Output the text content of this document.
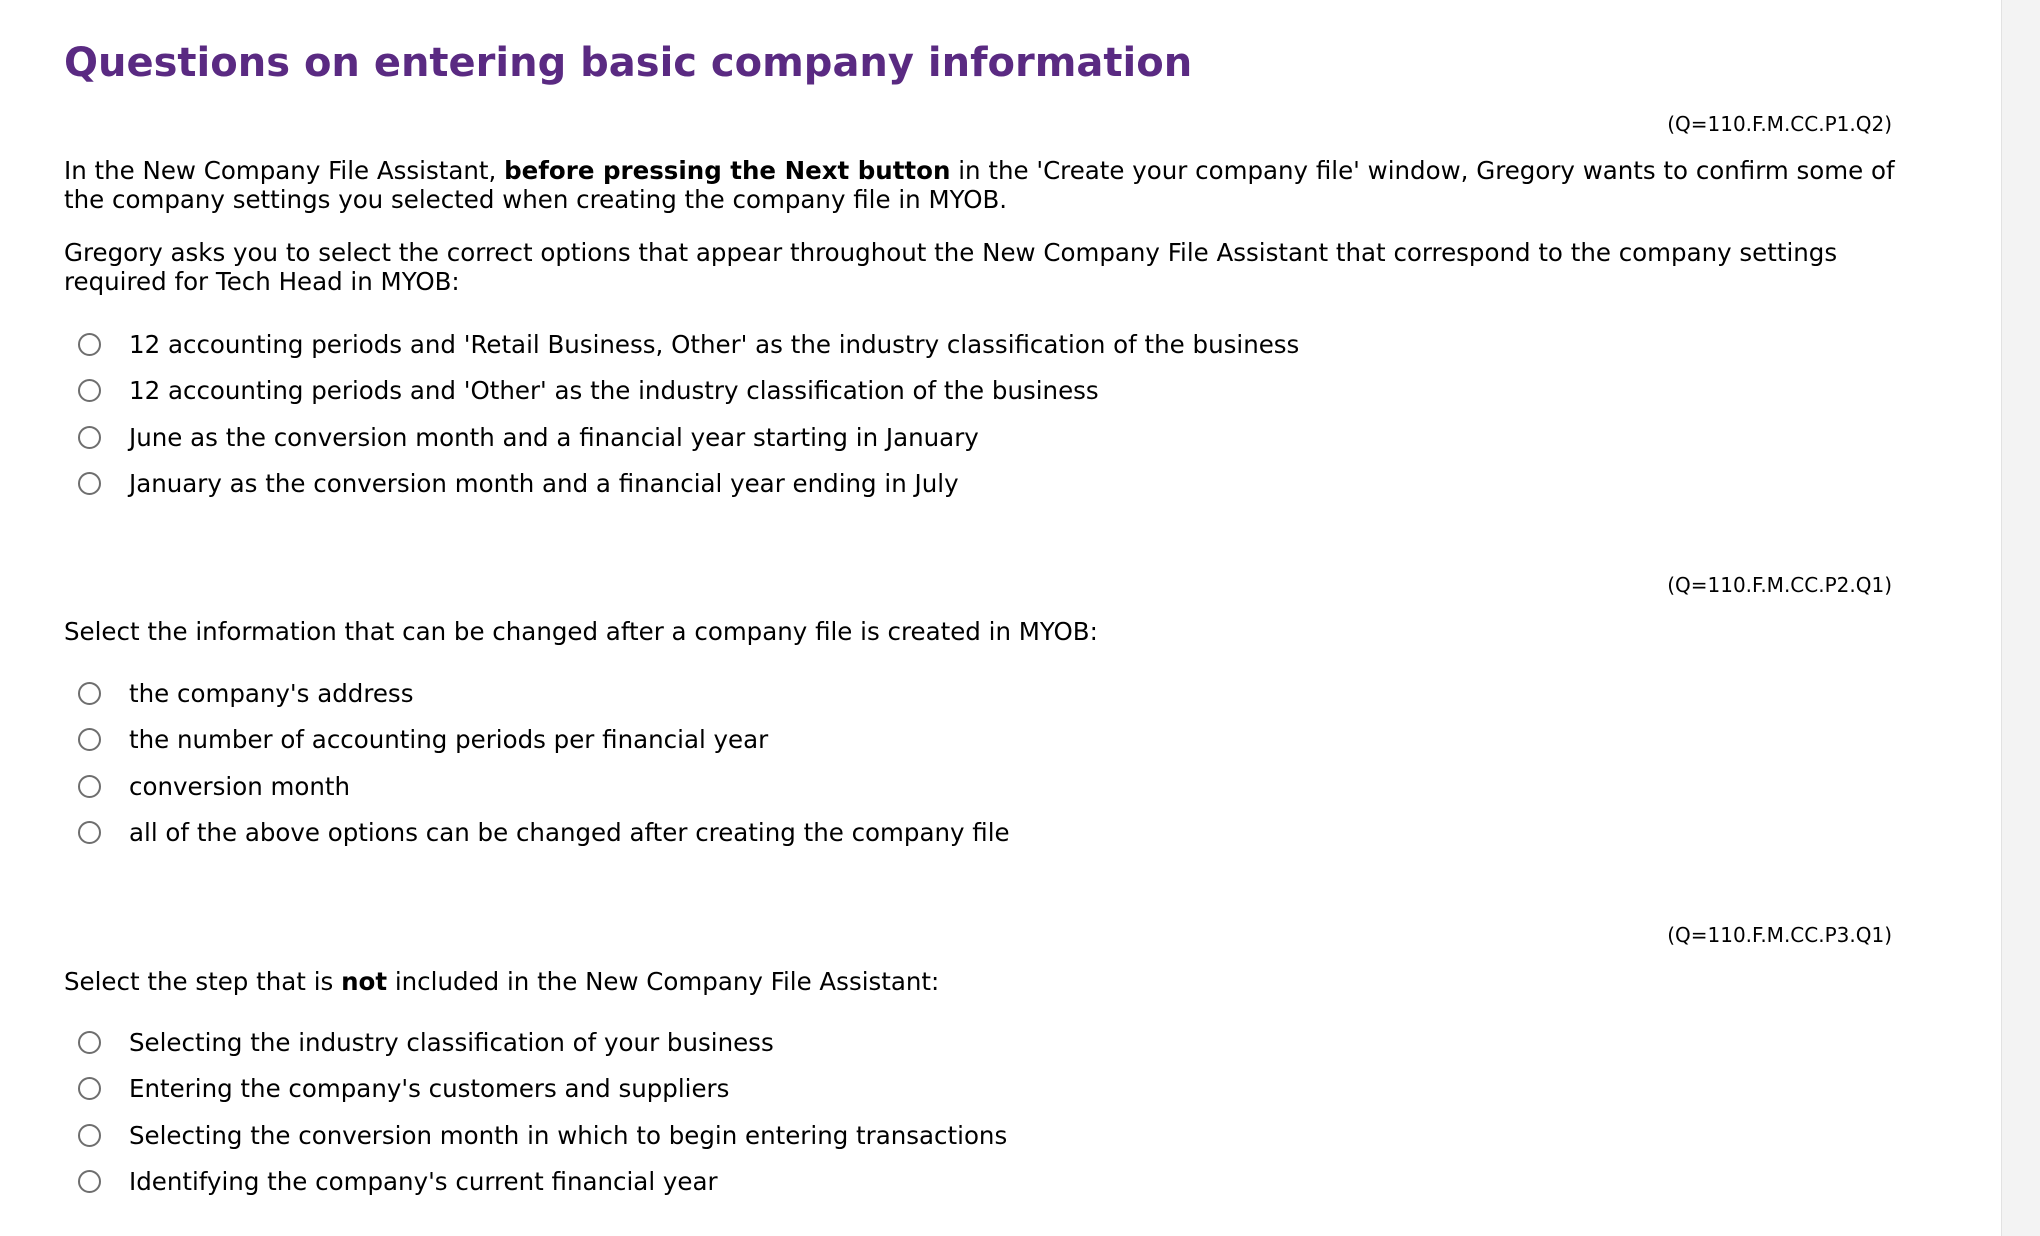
Questions on entering basic company information
(Q=110.F.M.CC.P1.Q2)

In the New Company File Assistant, before pressing the Next button in the 'Create your company file' window, Gregory wants to confirm some of the company settings you selected when creating the company file in MYOB.

Gregory asks you to select the correct options that appear throughout the New Company File Assistant that correspond to the company settings required for Tech Head in MYOB:

12 accounting periods and 'Retail Business, Other' as the industry classification of the business
12 accounting periods and 'Other' as the industry classification of the business
June as the conversion month and a financial year starting in January
January as the conversion month and a financial year ending in July
(Q=110.F.M.CC.P2.Q1)

Select the information that can be changed after a company file is created in MYOB:

the company's address
the number of accounting periods per financial year
conversion month
all of the above options can be changed after creating the company file
(Q=110.F.M.CC.P3.Q1)

Select the step that is not included in the New Company File Assistant:

Selecting the industry classification of your business
Entering the company's customers and suppliers
Selecting the conversion month in which to begin entering transactions
Identifying the company's current financial year
